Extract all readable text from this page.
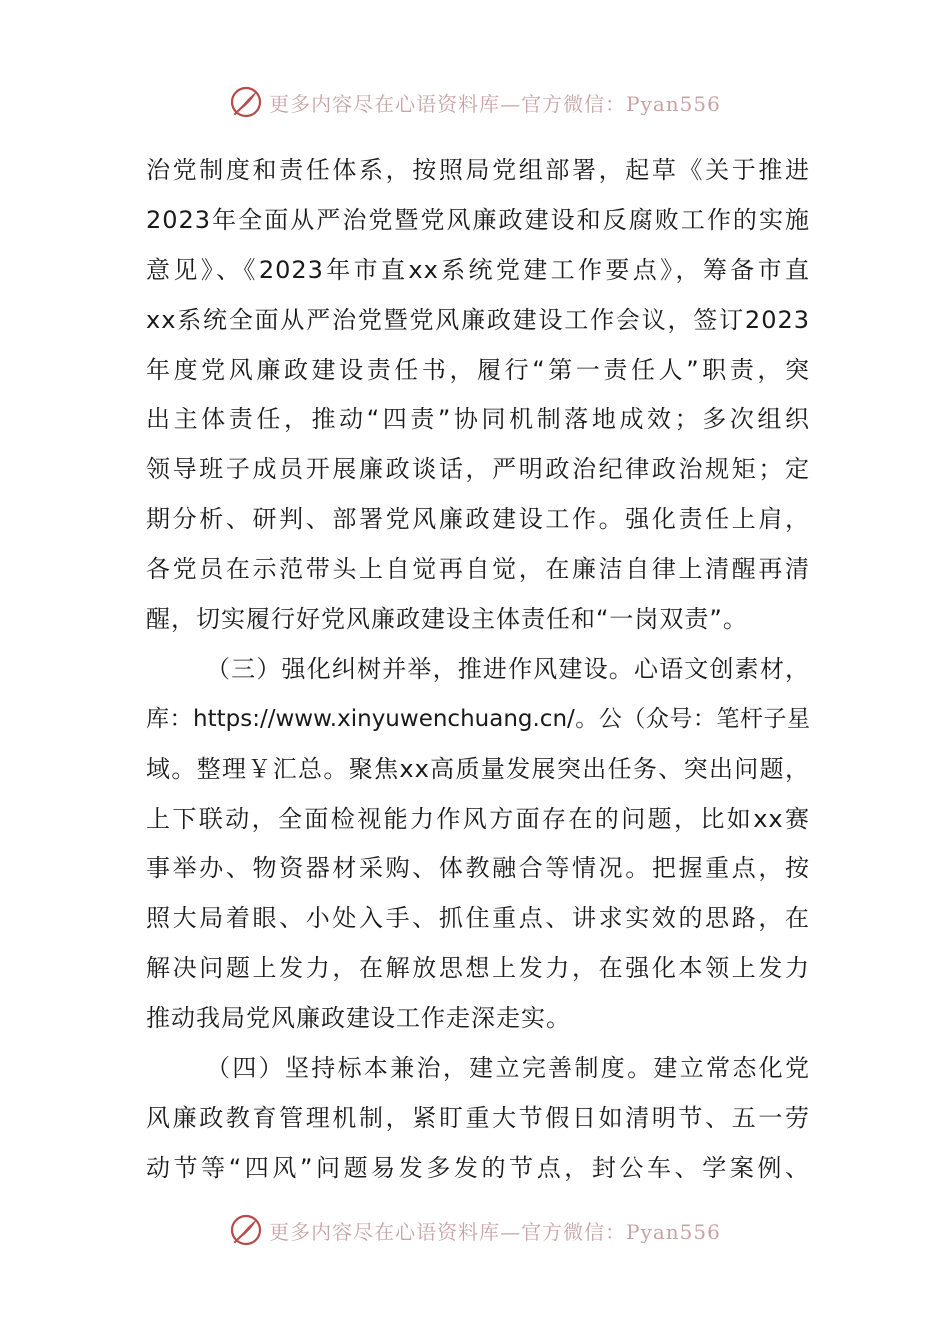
更多内容尽在心语资料库—官方微信：Pyan556
治党制度和责任体系，按照局党组部署，起草《关于推进
2023年全面从严治党暨党风廉政建设和反腐败工作的实施
意见》、《2023年市直xx系统党建工作要点》，筹备市直
xx系统全面从严治党暨党风廉政建设工作会议，签订2023
年度党风廉政建设责任书，履行“第一责任人”职责，突
出主体责任，推动“四责”协同机制落地成效；多次组织
领导班子成员开展廉政谈话，严明政治纪律政治规矩；定
期分析、研判、部署党风廉政建设工作。强化责任上肩，
各党员在示范带头上自觉再自觉，在廉洁自律上清醒再清
醒，切实履行好党风廉政建设主体责任和“一岗双责”。
（三）强化纠树并举，推进作风建设。心语文创素材，
库：https://www.xinyuwenchuang.cn/。公（众号：笔杆子星
域。整理￥汇总。聚焦xx高质量发展突出任务、突出问题，
上下联动，全面检视能力作风方面存在的问题，比如xx赛
事举办、物资器材采购、体教融合等情况。把握重点，按
照大局着眼、小处入手、抓住重点、讲求实效的思路，在
解决问题上发力，在解放思想上发力，在强化本领上发力
推动我局党风廉政建设工作走深走实。
（四）坚持标本兼治，建立完善制度。建立常态化党
风廉政教育管理机制，紧盯重大节假日如清明节、五一劳
动节等“四风”问题易发多发的节点，封公车、学案例、
更多内容尽在心语资料库—官方微信：Pyan556
